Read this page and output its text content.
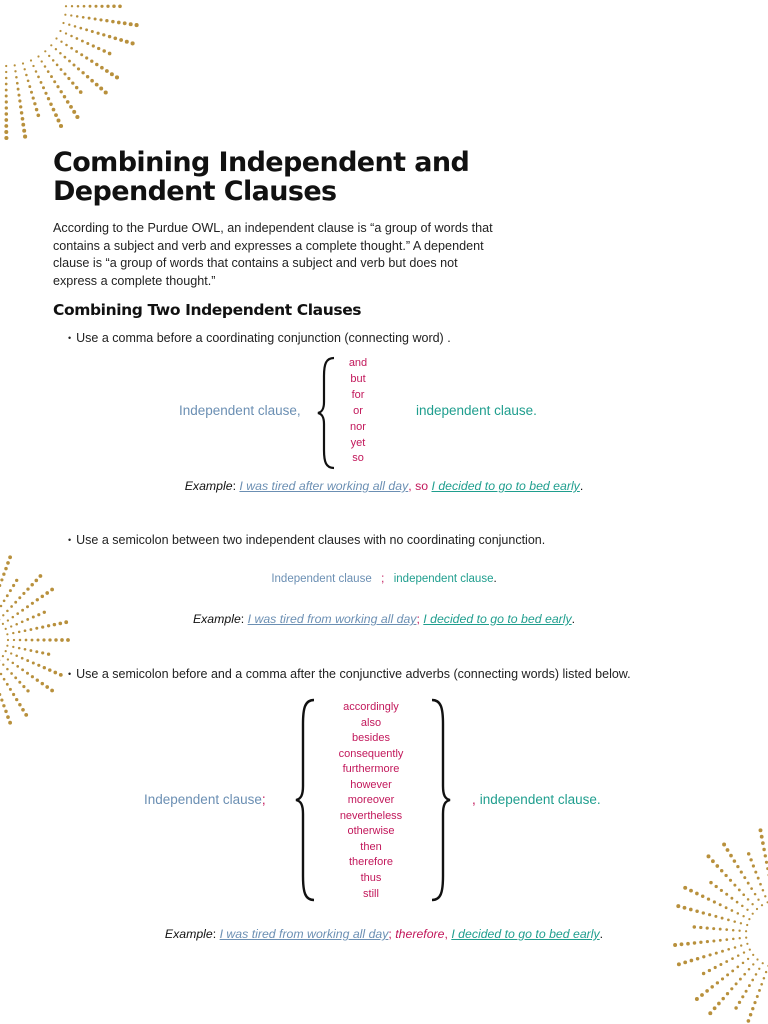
Combining Independent and
Dependent Clauses

According to the Purdue OWL, an independent clause is “a group of words that contains a subject and verb and expresses a complete thought.” A dependent clause is “a group of words that contains a subject and verb but does not express a complete thought.”

Combining Two Independent Clauses
• Use a comma before a coordinating conjunction (connecting word) .
Independent clause,
and
but
for
or
nor
yet
so
independent clause.
Example: I was tired after working all day, so I decided to go to bed early.
• Use a semicolon between two independent clauses with no coordinating conjunction.
Independent clause ; independent clause.
Example: I was tired from working all day; I decided to go to bed early.
• Use a semicolon before and a comma after the conjunctive adverbs (connecting words) listed below.
Independent clause;
accordingly
also
besides
consequently
furthermore
however
moreover
nevertheless
otherwise
then
therefore
thus
still
, independent clause.
Example: I was tired from working all day; therefore, I decided to go to bed early.
